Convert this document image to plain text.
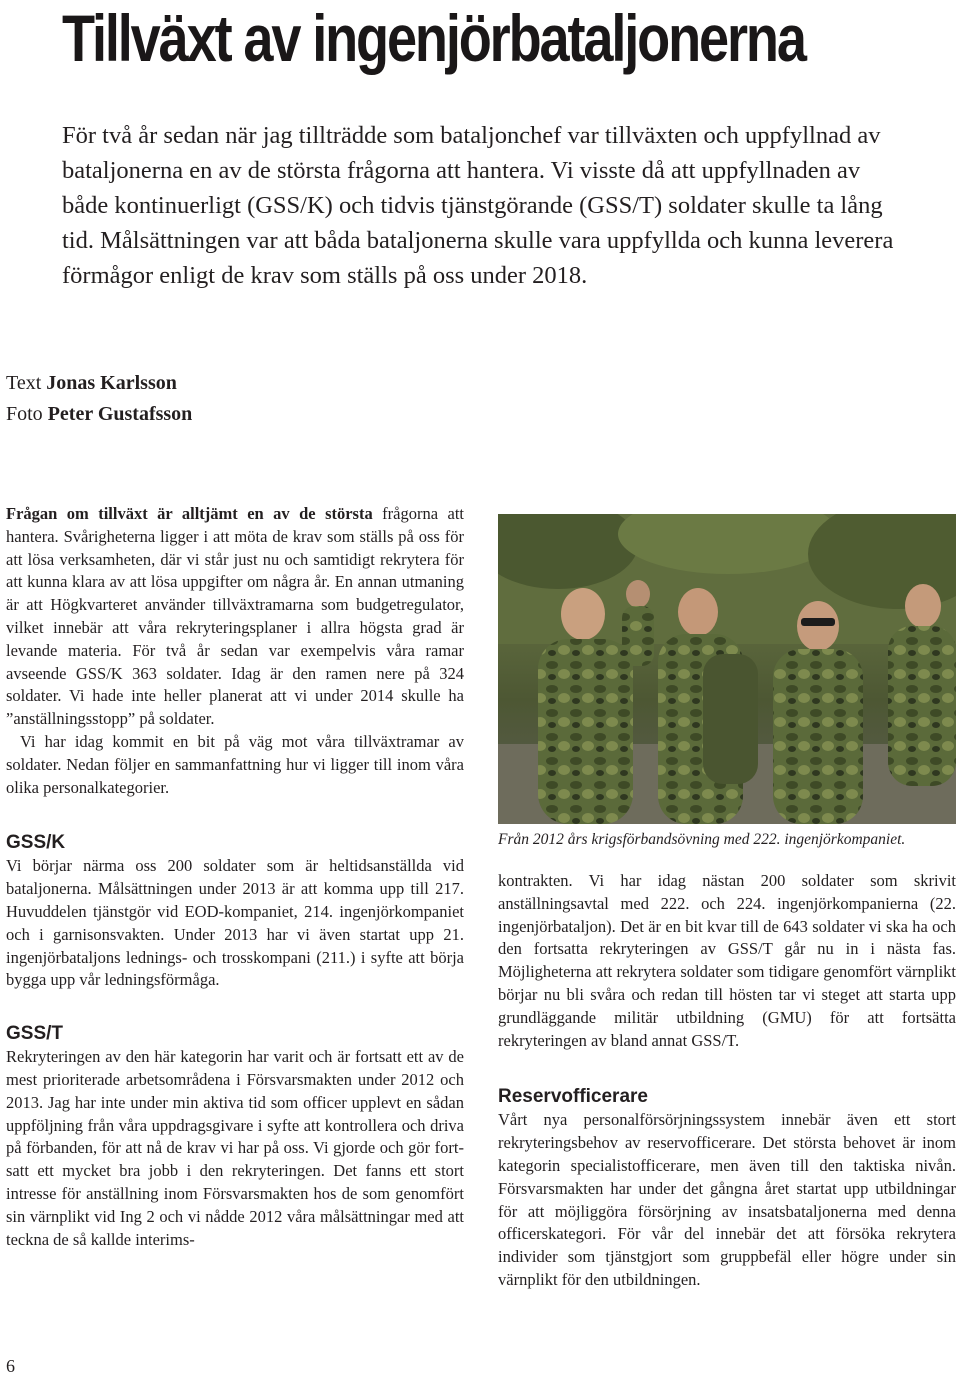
Tillväxt av ingenjörbataljonerna
För två år sedan när jag tillträdde som bataljonchef var tillväxten och uppfyllnad av bataljonerna en av de största frågorna att hantera. Vi visste då att uppfyllnaden av både kontinuerligt (GSS/K) och tidvis tjänstgörande (GSS/T) soldater skulle ta lång tid. Målsättningen var att båda bataljonerna skulle vara uppfyllda och kunna leverera förmågor enligt de krav som ställs på oss under 2018.
Text Jonas Karlsson
Foto Peter Gustafsson

Frågan om tillväxt är alltjämt en av de största frågorna att hantera. Svårigheterna ligger i att möta de krav som ställs på oss för att lösa verksamheten, där vi står just nu och samtidigt rekrytera för att kunna klara av att lösa uppgifter om några år. En annan utmaning är att Högkvarteret använder tillväxtramarna som budgetregulator, vilket innebär att våra rekryteringsplaner i allra högsta grad är levande materia. För två år sedan var exempelvis våra ramar avseende GSS/K 363 soldater. Idag är den ramen nere på 324 soldater. Vi hade inte heller planerat att vi under 2014 skulle ha ”anställningsstopp” på soldater.

Vi har idag kommit en bit på väg mot våra tillväxtramar av soldater. Nedan följer en sammanfattning hur vi ligger till inom våra olika personalkategorier.

GSS/K

Vi börjar närma oss 200 soldater som är heltidsanställda vid bataljonerna. Målsättningen under 2013 är att komma upp till 217. Huvuddelen tjänstgör vid EOD-kompaniet, 214. ingenjörkompaniet och i garnisonsvakten. Under 2013 har vi även startat upp 21. ingenjörbataljons lednings- och trosskompani (211.) i syfte att börja bygga upp vår ledningsförmåga.

GSS/T

Rekryteringen av den här kategorin har varit och är fortsatt ett av de mest prioriterade arbetsområdena i Försvarsmakten under 2012 och 2013. Jag har inte under min aktiva tid som officer upplevt en sådan uppföljning från våra uppdragsgivare i syfte att kontrollera och driva på förbanden, för att nå de krav vi har på oss. Vi gjorde och gör fortsatt ett mycket bra jobb i den rekryteringen. Det fanns ett stort intresse för anställning inom Försvarsmakten hos de som genomfört sin värnplikt vid Ing 2 och vi nådde 2012 våra målsättningar med att teckna de så kallde interims-

Från 2012 års krigsförbandsövning med 222. ingenjörkompaniet.

kontrakten. Vi har idag nästan 200 soldater som skrivit anställningsavtal med 222. och 224. ingenjörkompanierna (22. ingenjörbataljon). Det är en bit kvar till de 643 soldater vi ska ha och den fortsatta rekryteringen av GSS/T går nu in i nästa fas. Möjligheterna att rekrytera soldater som tidigare genomfört värnplikt börjar nu bli svåra och redan till hösten tar vi steget att starta upp grundläggande militär utbildning (GMU) för att fortsätta rekryteringen av bland annat GSS/T.

Reservofficerare

Vårt nya personalförsörjningssystem innebär även ett stort rekryteringsbehov av reservofficerare. Det största behovet är inom kategorin specialistofficerare, men även till den taktiska nivån. Försvarsmakten har under det gångna året startat upp utbildningar för att möjliggöra försörjning av insatsbataljonerna med denna officerskategori. För vår del innebär det att försöka rekrytera individer som tjänstgjort som gruppbefäl eller högre under sin värnplikt för den utbildningen.

6
